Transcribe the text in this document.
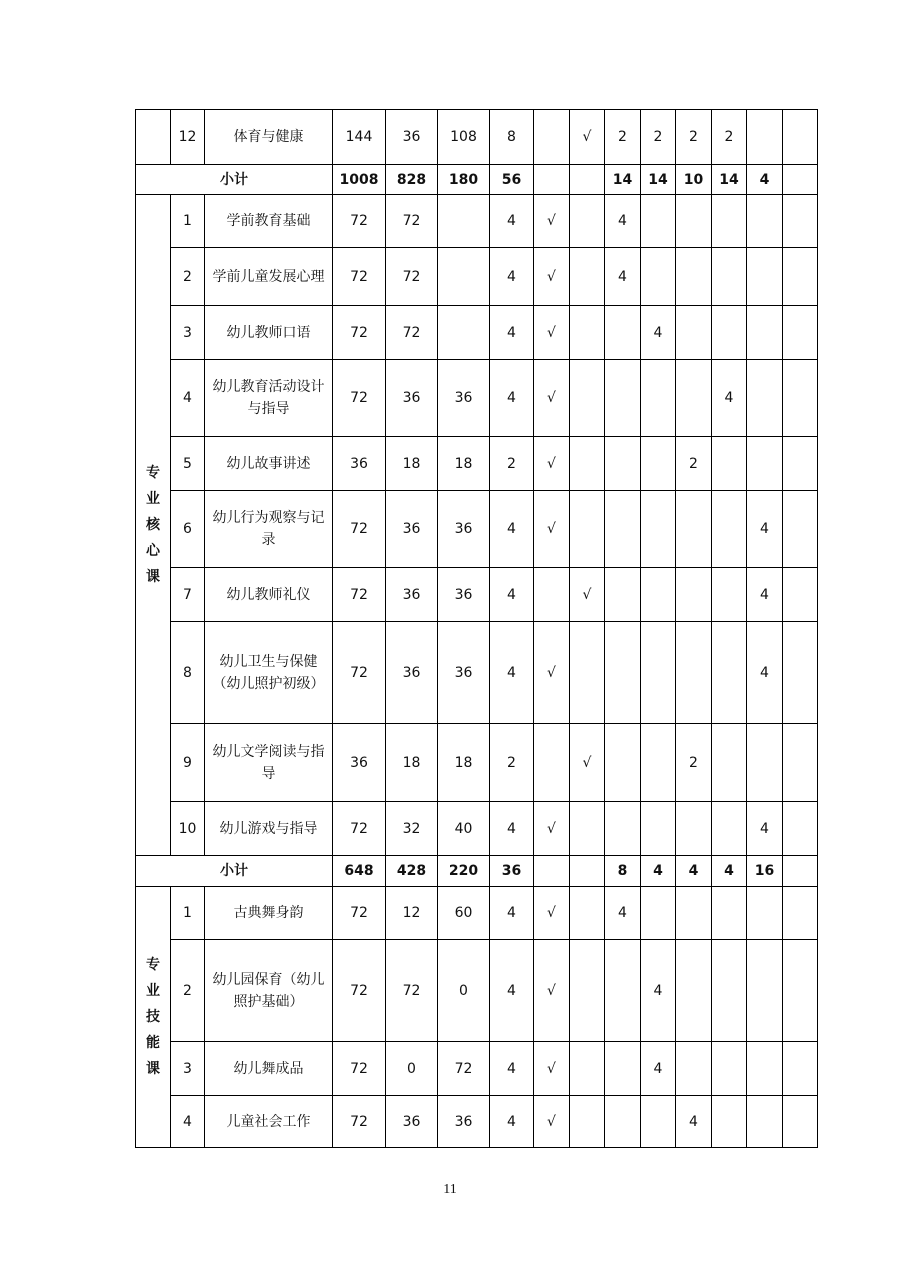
	12	体育与健康	144	36	108	8		√	2	2	2	2		
小计			1008	828	180	56			14	14	10	14	4	

专
业
核
心
课	1	学前教育基础	72	72		4	√		4					
	2	学前儿童发展心理	72	72		4	√		4					
	3	幼儿教师口语	72	72		4	√			4				
	4	幼儿教育活动设计与指导	72	36	36	4	√					4		
	5	幼儿故事讲述	36	18	18	2	√				2			
	6	幼儿行为观察与记录	72	36	36	4	√						4	
	7	幼儿教师礼仪	72	36	36	4		√					4	
	8	幼儿卫生与保健（幼儿照护初级）	72	36	36	4	√						4	
	9	幼儿文学阅读与指导	36	18	18	2		√			2			
	10	幼儿游戏与指导	72	32	40	4	√						4	
小计			648	428	220	36			8	4	4	4	16	

专
业
技
能
课	1	古典舞身韵	72	12	60	4	√		4					
	2	幼儿园保育（幼儿照护基础）	72	72	0	4	√			4				
	3	幼儿舞成品	72	0	72	4	√			4				
	4	儿童社会工作	72	36	36	4	√				4			
11
